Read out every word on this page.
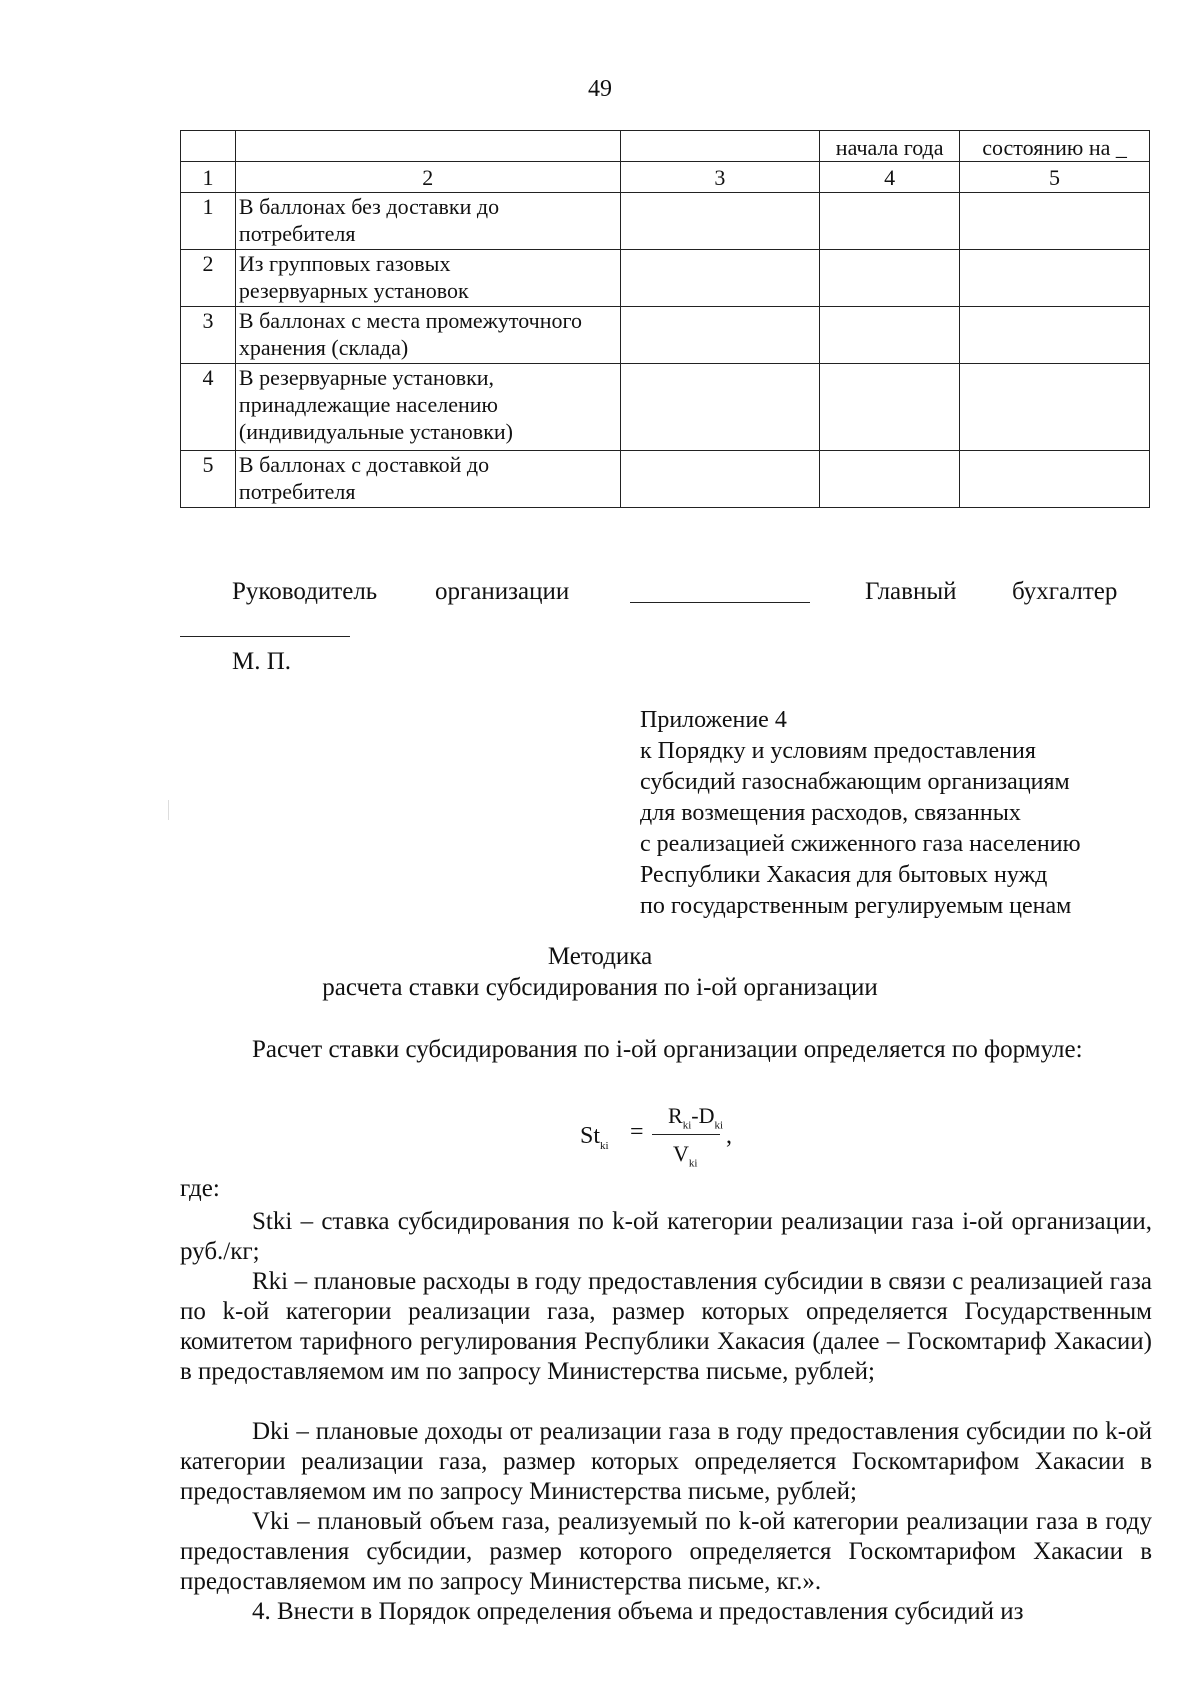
49
			начала года	состоянию на _
1	2	3	4	5
1	В баллонах без доставки до
потребителя			

2	Из групповых газовых
резервуарных установок			

3	В баллонах с места промежуточного
хранения (склада)			

4	В резервуарные установки,
принадлежащие населению
(индивидуальные установки)			

5	В баллонах с доставкой до
потребителя			

Руководитель организации	Главный бухгалтер
М. П.
Приложение 4
к Порядку и условиям предоставления
субсидий газоснабжающим организациям
для возмещения расходов, связанных
с реализацией сжиженного газа населению
Республики Хакасия для бытовых нужд
по государственным регулируемым ценам
Методика
расчета ставки субсидирования по i-ой организации
Расчет ставки субсидирования по i-ой организации определяется по формуле:
$St_{ki}$
=
$R_{ki}-D_{ki}$
$V_{ki}$
,
где:
Stki – ставка субсидирования по k-ой категории реализации газа i-ой организации, руб./кг;
Rki – плановые расходы в году предоставления субсидии в связи с реализацией газа по k-ой категории реализации газа, размер которых определяется Государственным комитетом тарифного регулирования Республики Хакасия (далее – Госкомтариф Хакасии) в предоставляемом им по запросу Министерства письме, рублей;
Dki – плановые доходы от реализации газа в году предоставления субсидии по k-ой категории реализации газа, размер которых определяется Госкомтарифом Хакасии в предоставляемом им по запросу Министерства письме, рублей;
Vki – плановый объем газа, реализуемый по k-ой категории реализации газа в году предоставления субсидии, размер которого определяется Госкомтарифом Хакасии в предоставляемом им по запросу Министерства письме, кг.».
4. Внести в Порядок определения объема и предоставления субсидий из
